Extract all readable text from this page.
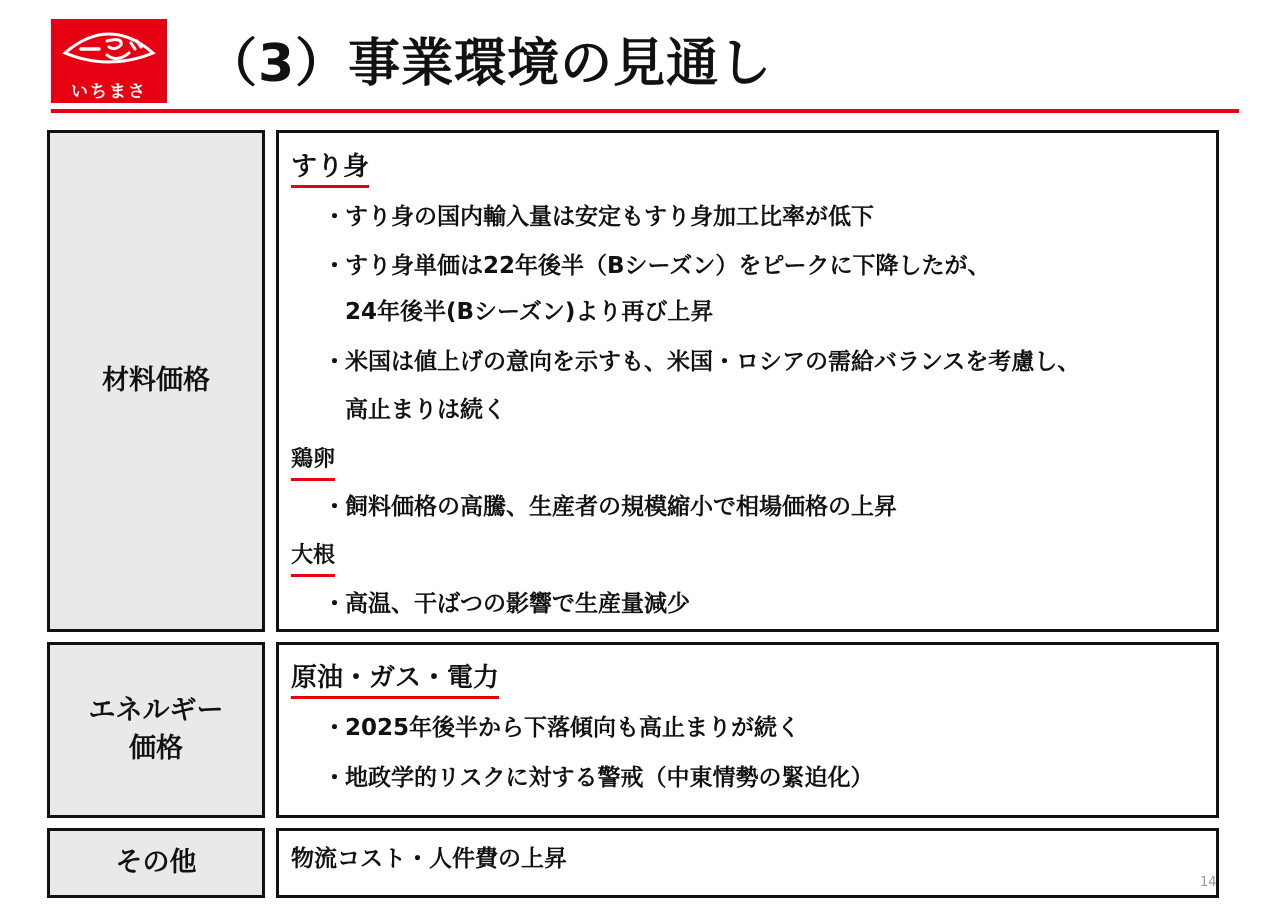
いちまさ	（3）事業環境の見通し
材料価格
すり身
・すり身の国内輸入量は安定もすり身加工比率が低下
・すり身単価は22年後半（Bシーズン）をピークに下降したが、
24年後半(Bシーズン)より再び上昇
・米国は値上げの意向を示すも、米国・ロシアの需給バランスを考慮し、
高止まりは続く
鶏卵
・飼料価格の高騰、生産者の規模縮小で相場価格の上昇
大根
・高温、干ばつの影響で生産量減少
エネルギー
価格
原油・ガス・電力
・2025年後半から下落傾向も高止まりが続く
・地政学的リスクに対する警戒（中東情勢の緊迫化）
その他	物流コスト・人件費の上昇
14
